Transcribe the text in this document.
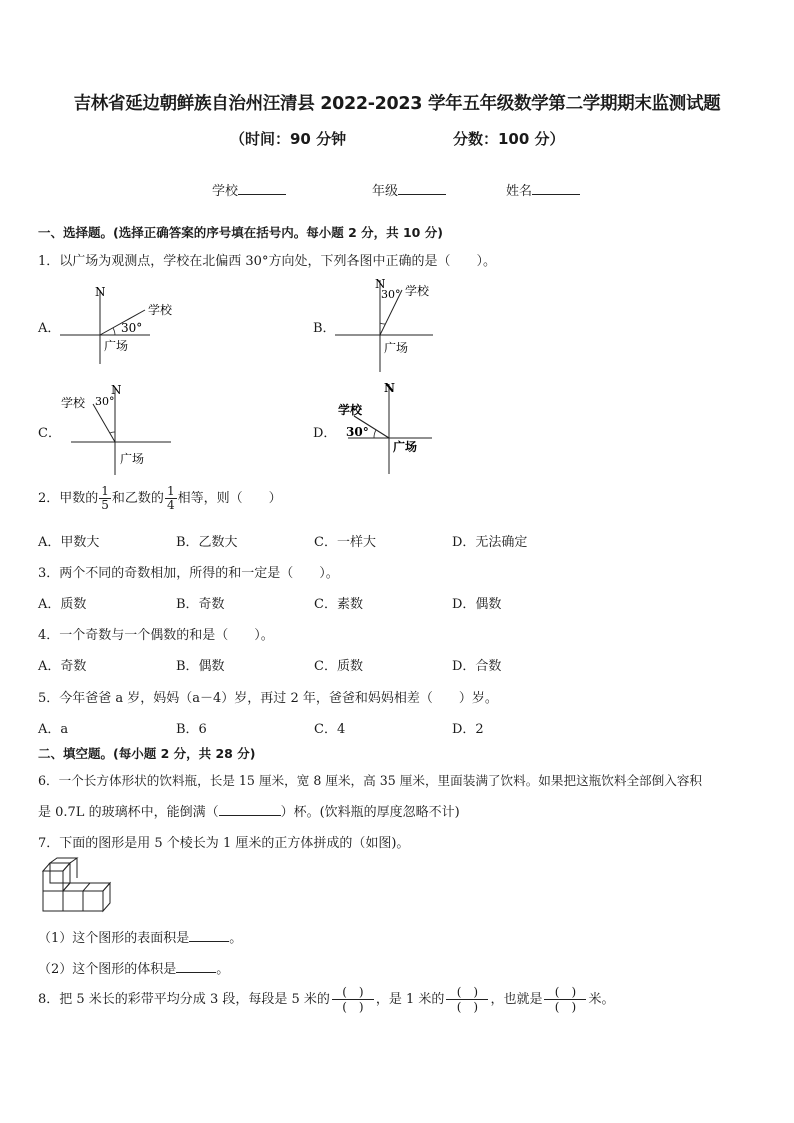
吉林省延边朝鲜族自治州汪清县 2022-2023 学年五年级数学第二学期期末监测试题
（时间：90 分钟	分数：100 分）
学校	年级	姓名
一、选择题。(选择正确答案的序号填在括号内。每小题 2 分，共 10 分)
1．以广场为观测点，学校在北偏西 30°方向处，下列各图中正确的是（　　）。
A．
N
学校
30°
广场
B．
N
30° 学校
广场
C．
N
30°
学校
广场
D．
N
学校
30°
广场
2．甲数的 $\frac{1}{5}$ 和乙数的 $\frac{1}{4}$ 相等，则（　　）
A．甲数大	B．乙数大	C．一样大	D．无法确定
3．两个不同的奇数相加，所得的和一定是（　　）。
A．质数	B．奇数	C．素数	D．偶数
4．一个奇数与一个偶数的和是（　　）。
A．奇数	B．偶数	C．质数	D．合数
5．今年爸爸 a 岁，妈妈（a－4）岁，再过 2 年，爸爸和妈妈相差（　　）岁。
A．a	B．6	C．4	D．2
二、填空题。(每小题 2 分，共 28 分)
6．一个长方体形状的饮料瓶，长是 15 厘米，宽 8 厘米，高 35 厘米，里面装满了饮料。如果把这瓶饮料全部倒入容积
是 0.7L 的玻璃杯中，能倒满（	）杯。(饮料瓶的厚度忽略不计)
7．下面的图形是用 5 个棱长为 1 厘米的正方体拼成的（如图)。
（1）这个图形的表面积是	。
（2）这个图形的体积是	。
8．把 5 米长的彩带平均分成 3 段，每段是 5 米的 $\frac{( )}{( )}$ ，是 1 米的 $\frac{( )}{( )}$ ，也就是 $\frac{( )}{( )}$ 米。
